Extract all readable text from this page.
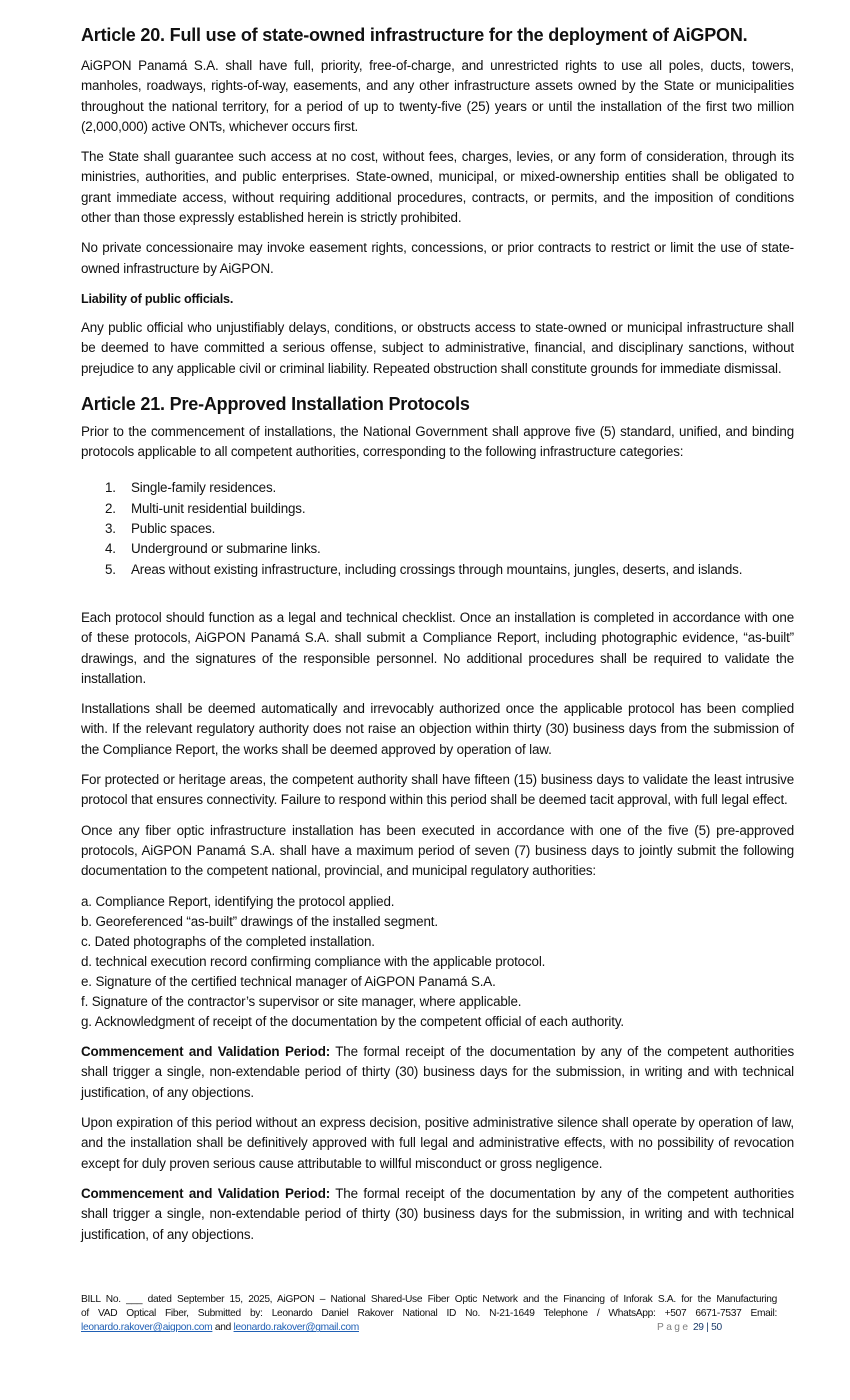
Article 20. Full use of state-owned infrastructure for the deployment of AiGPON.

AiGPON Panamá S.A. shall have full, priority, free-of-charge, and unrestricted rights to use all poles, ducts, towers, manholes, roadways, rights-of-way, easements, and any other infrastructure assets owned by the State or municipalities throughout the national territory, for a period of up to twenty-five (25) years or until the installation of the first two million (2,000,000) active ONTs, whichever occurs first.

The State shall guarantee such access at no cost, without fees, charges, levies, or any form of consideration, through its ministries, authorities, and public enterprises. State-owned, municipal, or mixed-ownership entities shall be obligated to grant immediate access, without requiring additional procedures, contracts, or permits, and the imposition of conditions other than those expressly established herein is strictly prohibited.

No private concessionaire may invoke easement rights, concessions, or prior contracts to restrict or limit the use of state-owned infrastructure by AiGPON.

Liability of public officials.

Any public official who unjustifiably delays, conditions, or obstructs access to state-owned or municipal infrastructure shall be deemed to have committed a serious offense, subject to administrative, financial, and disciplinary sanctions, without prejudice to any applicable civil or criminal liability. Repeated obstruction shall constitute grounds for immediate dismissal.

Article 21. Pre-Approved Installation Protocols

Prior to the commencement of installations, the National Government shall approve five (5) standard, unified, and binding protocols applicable to all competent authorities, corresponding to the following infrastructure categories:

1. Single-family residences.
2. Multi-unit residential buildings.
3. Public spaces.
4. Underground or submarine links.
5. Areas without existing infrastructure, including crossings through mountains, jungles, deserts, and islands.

Each protocol should function as a legal and technical checklist. Once an installation is completed in accordance with one of these protocols, AiGPON Panamá S.A. shall submit a Compliance Report, including photographic evidence, “as-built” drawings, and the signatures of the responsible personnel. No additional procedures shall be required to validate the installation.

Installations shall be deemed automatically and irrevocably authorized once the applicable protocol has been complied with. If the relevant regulatory authority does not raise an objection within thirty (30) business days from the submission of the Compliance Report, the works shall be deemed approved by operation of law.

For protected or heritage areas, the competent authority shall have fifteen (15) business days to validate the least intrusive protocol that ensures connectivity. Failure to respond within this period shall be deemed tacit approval, with full legal effect.

Once any fiber optic infrastructure installation has been executed in accordance with one of the five (5) pre-approved protocols, AiGPON Panamá S.A. shall have a maximum period of seven (7) business days to jointly submit the following documentation to the competent national, provincial, and municipal regulatory authorities:

a. Compliance Report, identifying the protocol applied.
b. Georeferenced “as-built” drawings of the installed segment.
c. Dated photographs of the completed installation.
d. technical execution record confirming compliance with the applicable protocol.
e. Signature of the certified technical manager of AiGPON Panamá S.A.
f. Signature of the contractor’s supervisor or site manager, where applicable.
g. Acknowledgment of receipt of the documentation by the competent official of each authority.

Commencement and Validation Period: The formal receipt of the documentation by any of the competent authorities shall trigger a single, non-extendable period of thirty (30) business days for the submission, in writing and with technical justification, of any objections.

Upon expiration of this period without an express decision, positive administrative silence shall operate by operation of law, and the installation shall be definitively approved with full legal and administrative effects, with no possibility of revocation except for duly proven serious cause attributable to willful misconduct or gross negligence.

Commencement and Validation Period: The formal receipt of the documentation by any of the competent authorities shall trigger a single, non-extendable period of thirty (30) business days for the submission, in writing and with technical justification, of any objections.

BILL No. ___ dated September 15, 2025, AiGPON – National Shared-Use Fiber Optic Network and the Financing of Inforak S.A. for the Manufacturing
of VAD Optical Fiber, Submitted by: Leonardo Daniel Rakover National ID No. N-21-1649 Telephone / WhatsApp: +507 6671-7537 Email:
leonardo.rakover@aigpon.com and leonardo.rakover@gmail.com	Page 29 | 50
